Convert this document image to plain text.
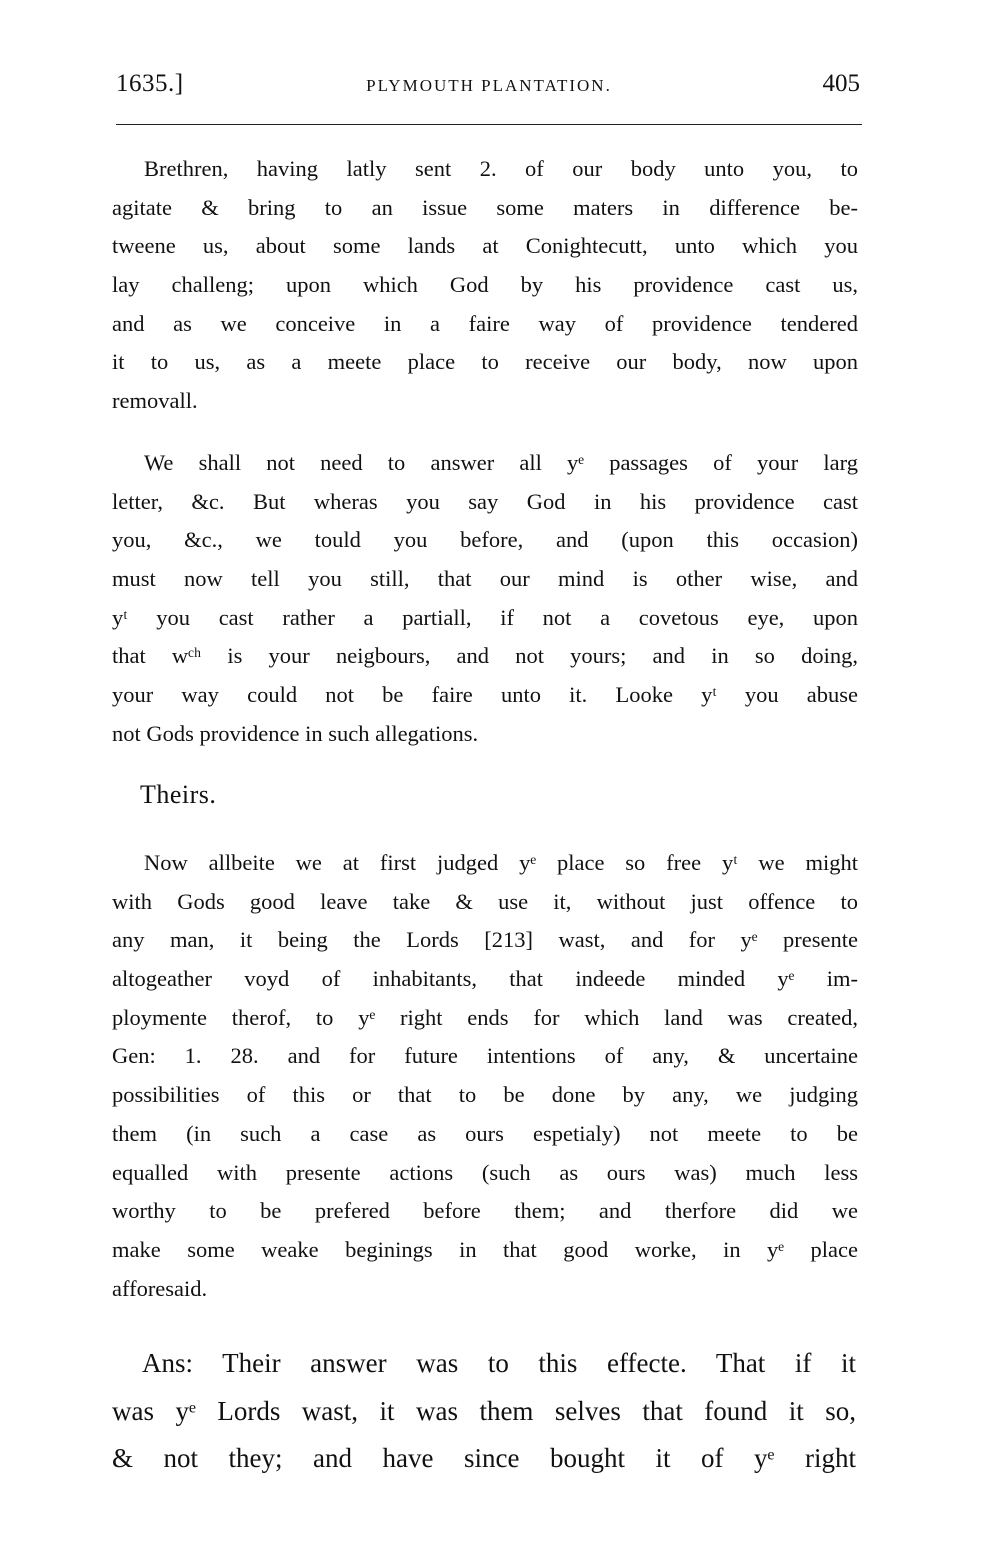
1635.]	PLYMOUTH PLANTATION.	405
Brethren, having latly sent 2. of our body unto you, to
agitate & bring to an issue some maters in difference be-
tweene us, about some lands at Conightecutt, unto which you
lay challeng; upon which God by his providence cast us,
and as we conceive in a faire way of providence tendered
it to us, as a meete place to receive our body, now upon
removall.
We shall not need to answer all yᵉ passages of your larg
letter, &c. But wheras you say God in his providence cast
you, &c., we tould you before, and (upon this occasion)
must now tell you still, that our mind is other wise, and
yᵗ you cast rather a partiall, if not a covetous eye, upon
that wᶜʰ is your neigbours, and not yours; and in so doing,
your way could not be faire unto it. Looke yᵗ you abuse
not Gods providence in such allegations.
Theirs.
Now allbeite we at first judged yᵉ place so free yᵗ we might
with Gods good leave take & use it, without just offence to
any man, it being the Lords [213] wast, and for yᵉ presente
altogeather voyd of inhabitants, that indeede minded yᵉ im-
ploymente therof, to yᵉ right ends for which land was created,
Gen: 1. 28. and for future intentions of any, & uncertaine
possibilities of this or that to be done by any, we judging
them (in such a case as ours espetialy) not meete to be
equalled with presente actions (such as ours was) much less
worthy to be prefered before them; and therfore did we
make some weake beginings in that good worke, in yᵉ place
afforesaid.
Ans: Their answer was to this effecte. That if it
was yᵉ Lords wast, it was them selves that found it so,
& not they; and have since bought it of yᵉ right
